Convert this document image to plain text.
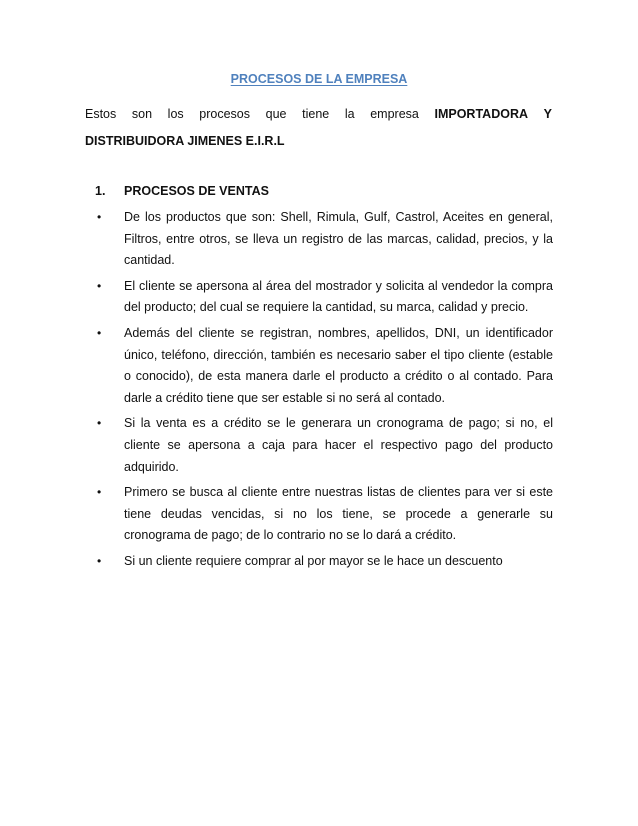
PROCESOS DE LA EMPRESA
Estos son los procesos que tiene la empresa IMPORTADORA Y
DISTRIBUIDORA JIMENES E.I.R.L
1. PROCESOS DE VENTAS
• De los productos que son: Shell, Rimula, Gulf, Castrol, Aceites en general, Filtros, entre otros, se lleva un registro de las marcas, calidad, precios, y la cantidad.
• El cliente se apersona al área del mostrador y solicita al vendedor la compra del producto; del cual se requiere la cantidad, su marca, calidad y precio.
• Además del cliente se registran, nombres, apellidos, DNI, un identificador único, teléfono, dirección, también es necesario saber el tipo cliente (estable o conocido), de esta manera darle el producto a crédito o al contado. Para darle a crédito tiene que ser estable si no será al contado.
• Si la venta es a crédito se le generara un cronograma de pago; si no, el cliente se apersona a caja para hacer el respectivo pago del producto adquirido.
• Primero se busca al cliente entre nuestras listas de clientes para ver si este tiene deudas vencidas, si no los tiene, se procede a generarle su cronograma de pago; de lo contrario no se lo dará a crédito.
• Si un cliente requiere comprar al por mayor se le hace un descuento
